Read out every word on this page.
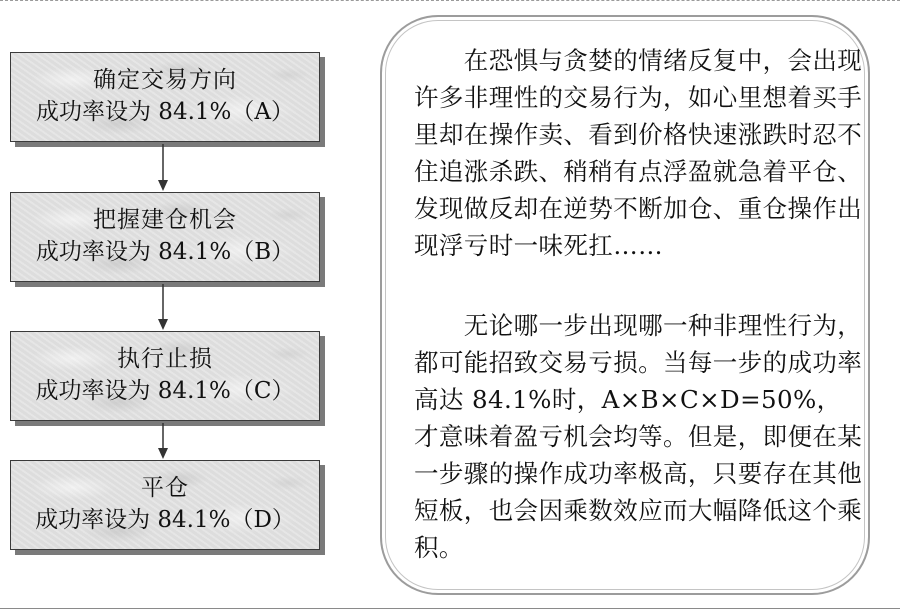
确定交易方向
成功率设为 84.1%（A）
把握建仓机会
成功率设为 84.1%（B）
执行止损
成功率设为 84.1%（C）
平仓
成功率设为 84.1%（D）

　　在恐惧与贪婪的情绪反复中，会出现许多非理性的交易行为，如心里想着买手里却在操作卖、看到价格快速涨跌时忍不住追涨杀跌、稍稍有点浮盈就急着平仓、发现做反却在逆势不断加仓、重仓操作出现浮亏时一味死扛……

　　无论哪一步出现哪一种非理性行为，都可能招致交易亏损。当每一步的成功率高达 84.1%时，A×B×C×D=50%，才意味着盈亏机会均等。但是，即便在某一步骤的操作成功率极高，只要存在其他短板，也会因乘数效应而大幅降低这个乘积。
